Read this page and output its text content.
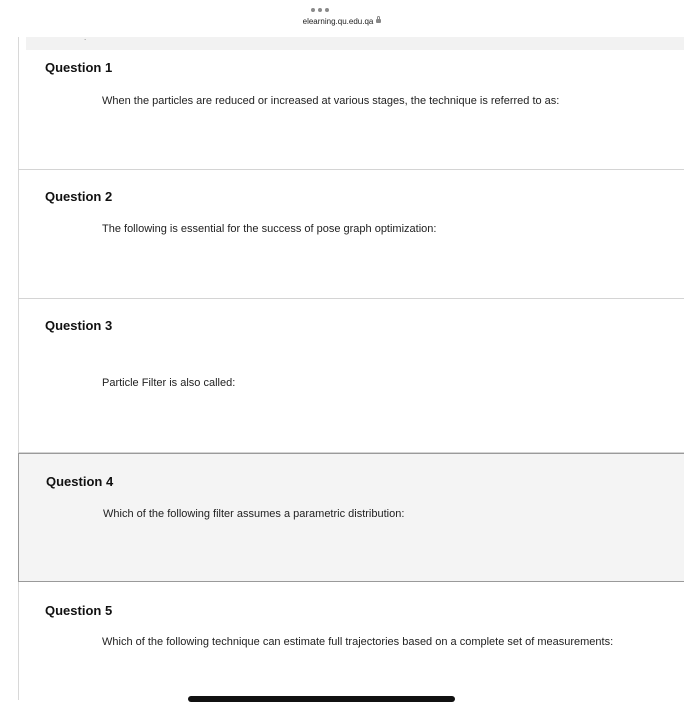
elearning.qu.edu.qa
.
Question 1
When the particles are reduced or increased at various stages, the technique is referred to as:
Question 2
The following is essential for the success of pose graph optimization:
Question 3
Particle Filter is also called:
Question 4
Which of the following filter assumes a parametric distribution:
Question 5
Which of the following technique can estimate full trajectories based on a complete set of measurements:
